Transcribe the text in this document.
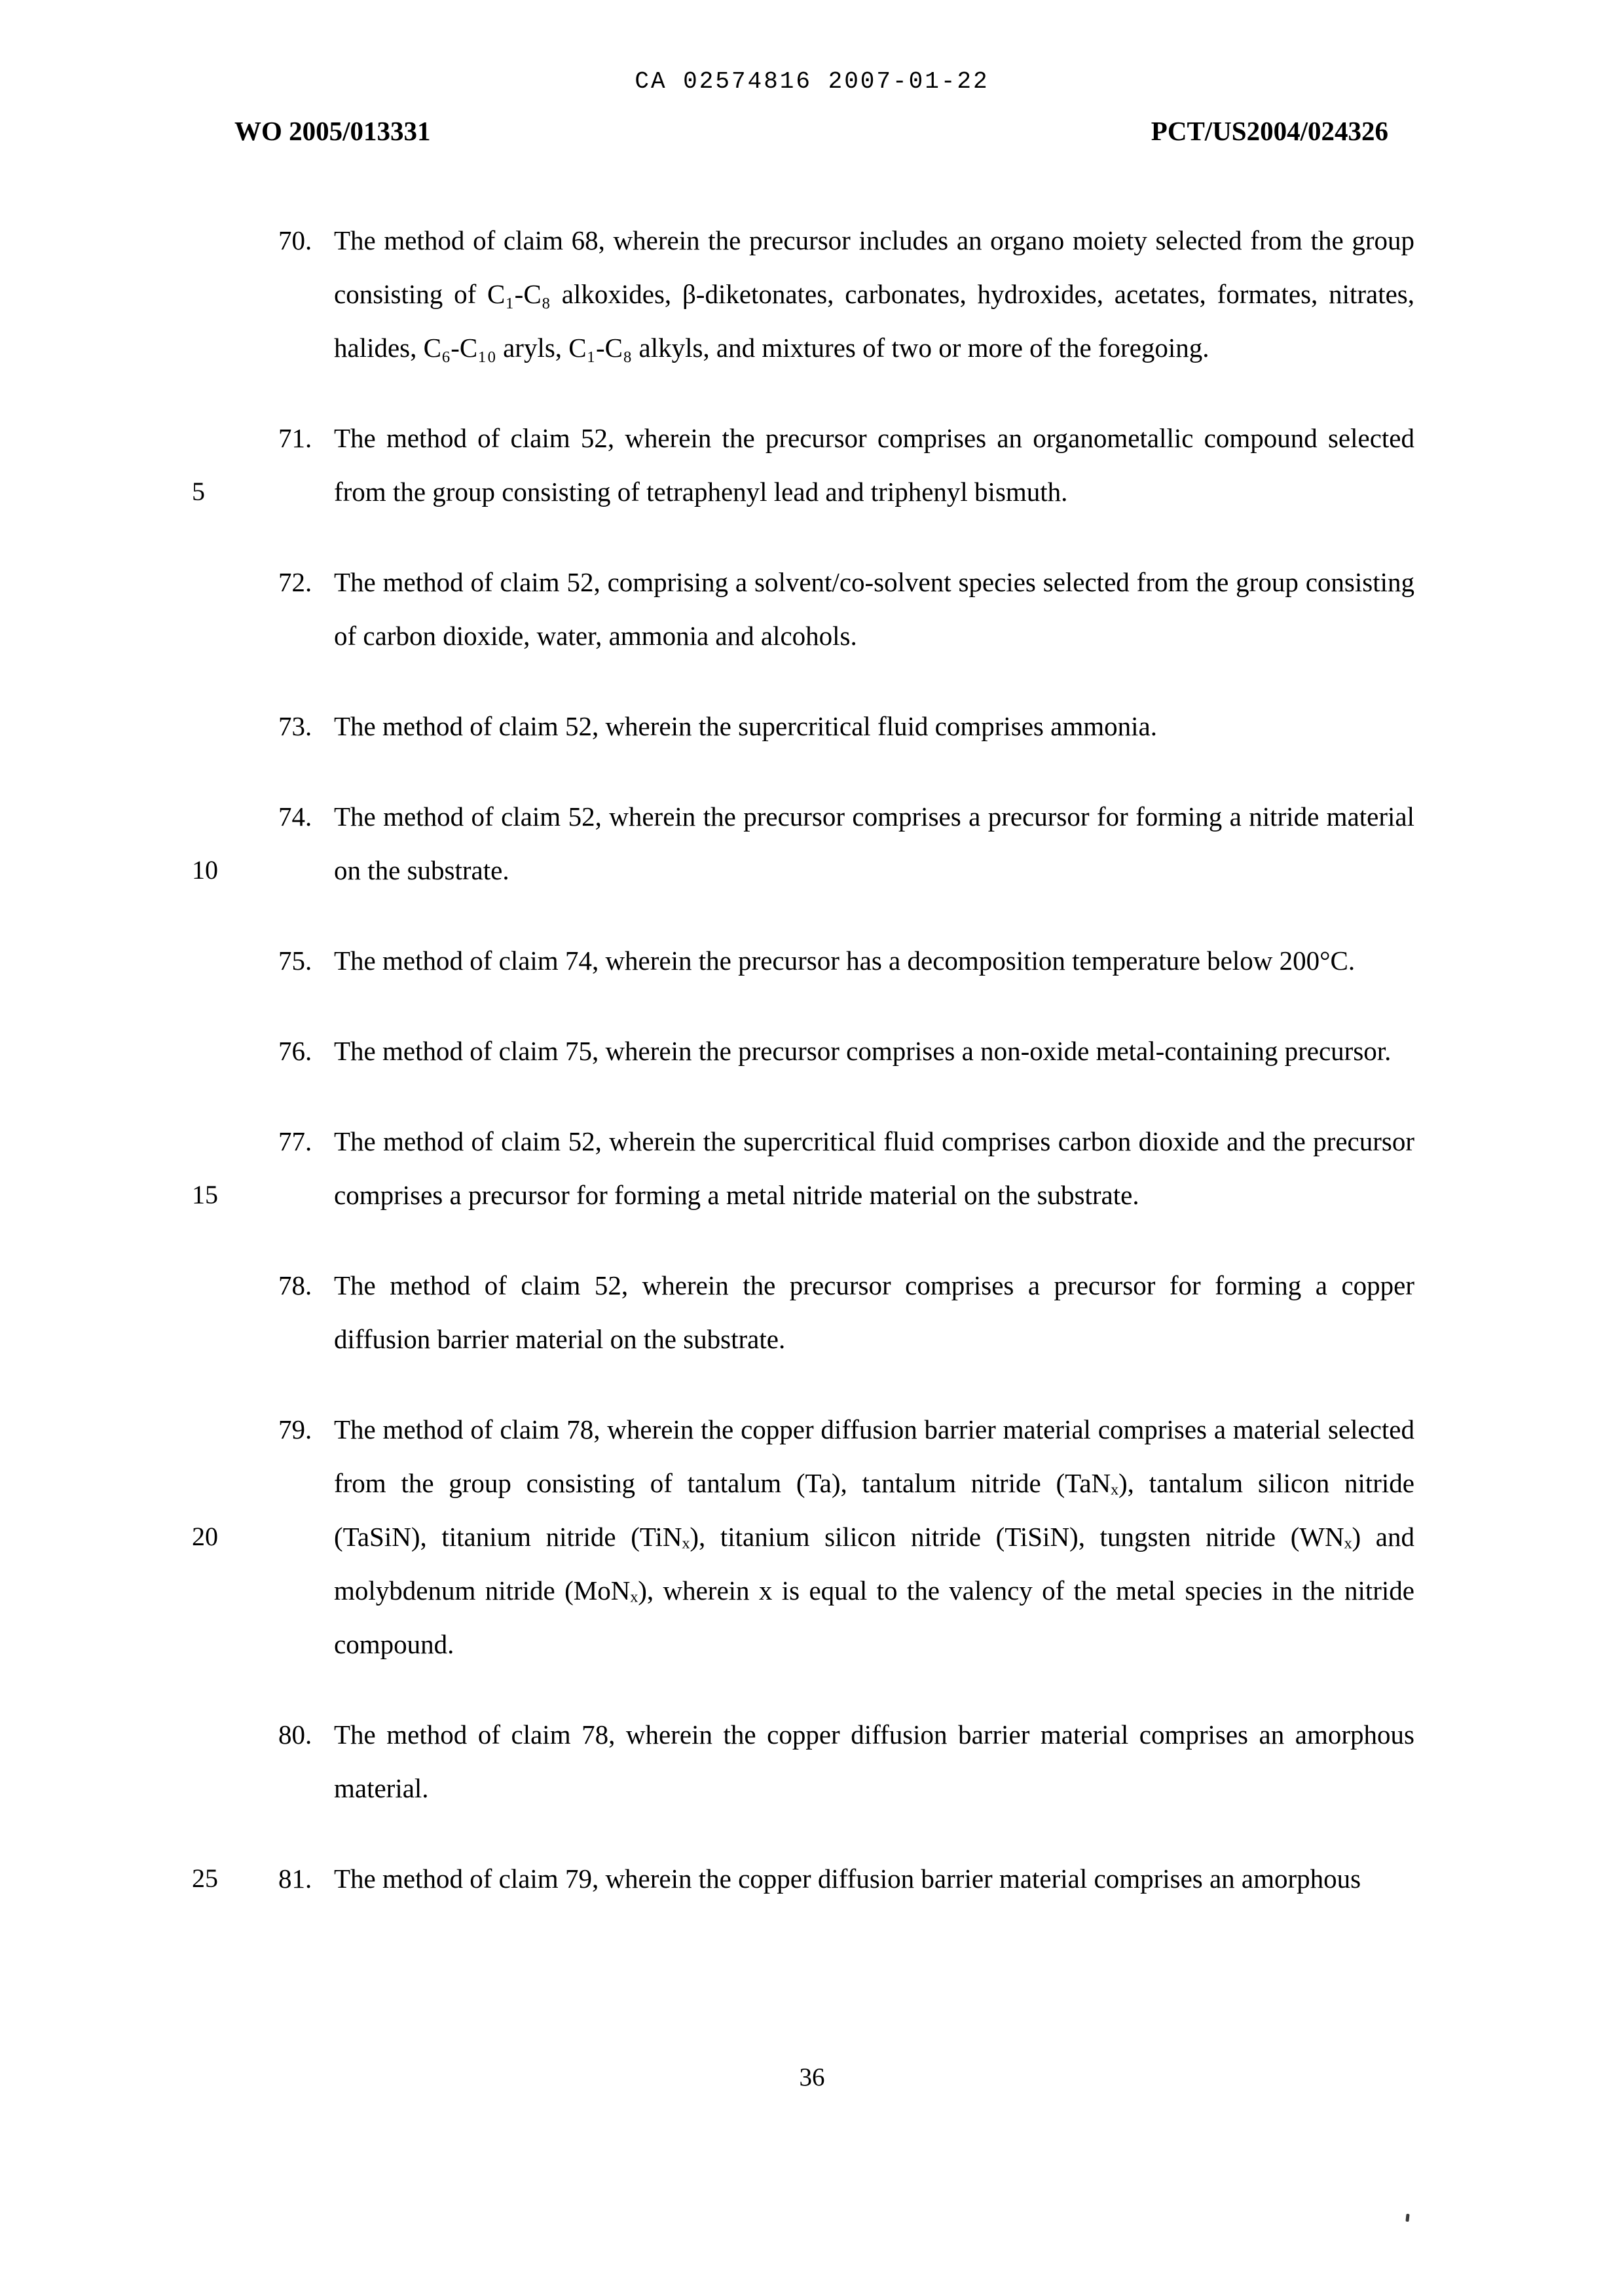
CA 02574816 2007-01-22
WO 2005/013331	PCT/US2004/024326
70. The method of claim 68, wherein the precursor includes an organo moiety selected from the group consisting of C₁-C₈ alkoxides, β-diketonates, carbonates, hydroxides, acetates, formates, nitrates, halides, C₆-C₁₀ aryls, C₁-C₈ alkyls, and mixtures of two or more of the foregoing.

5
71. The method of claim 52, wherein the precursor comprises an organometallic compound selected from the group consisting of tetraphenyl lead and triphenyl bismuth.

72. The method of claim 52, comprising a solvent/co-solvent species selected from the group consisting of carbon dioxide, water, ammonia and alcohols.

73. The method of claim 52, wherein the supercritical fluid comprises ammonia.

10
74. The method of claim 52, wherein the precursor comprises a precursor for forming a nitride material on the substrate.

75. The method of claim 74, wherein the precursor has a decomposition temperature below 200°C.

76. The method of claim 75, wherein the precursor comprises a non-oxide metal-containing precursor.

15
77. The method of claim 52, wherein the supercritical fluid comprises carbon dioxide and the precursor comprises a precursor for forming a metal nitride material on the substrate.

78. The method of claim 52, wherein the precursor comprises a precursor for forming a copper diffusion barrier material on the substrate.

20
79. The method of claim 78, wherein the copper diffusion barrier material comprises a material selected from the group consisting of tantalum (Ta), tantalum nitride (TaNₓ), tantalum silicon nitride (TaSiN), titanium nitride (TiNₓ), titanium silicon nitride (TiSiN), tungsten nitride (WNₓ) and molybdenum nitride (MoNₓ), wherein x is equal to the valency of the metal species in the nitride compound.

80. The method of claim 78, wherein the copper diffusion barrier material comprises an amorphous material.

25	81. The method of claim 79, wherein the copper diffusion barrier material comprises an amorphous

36
